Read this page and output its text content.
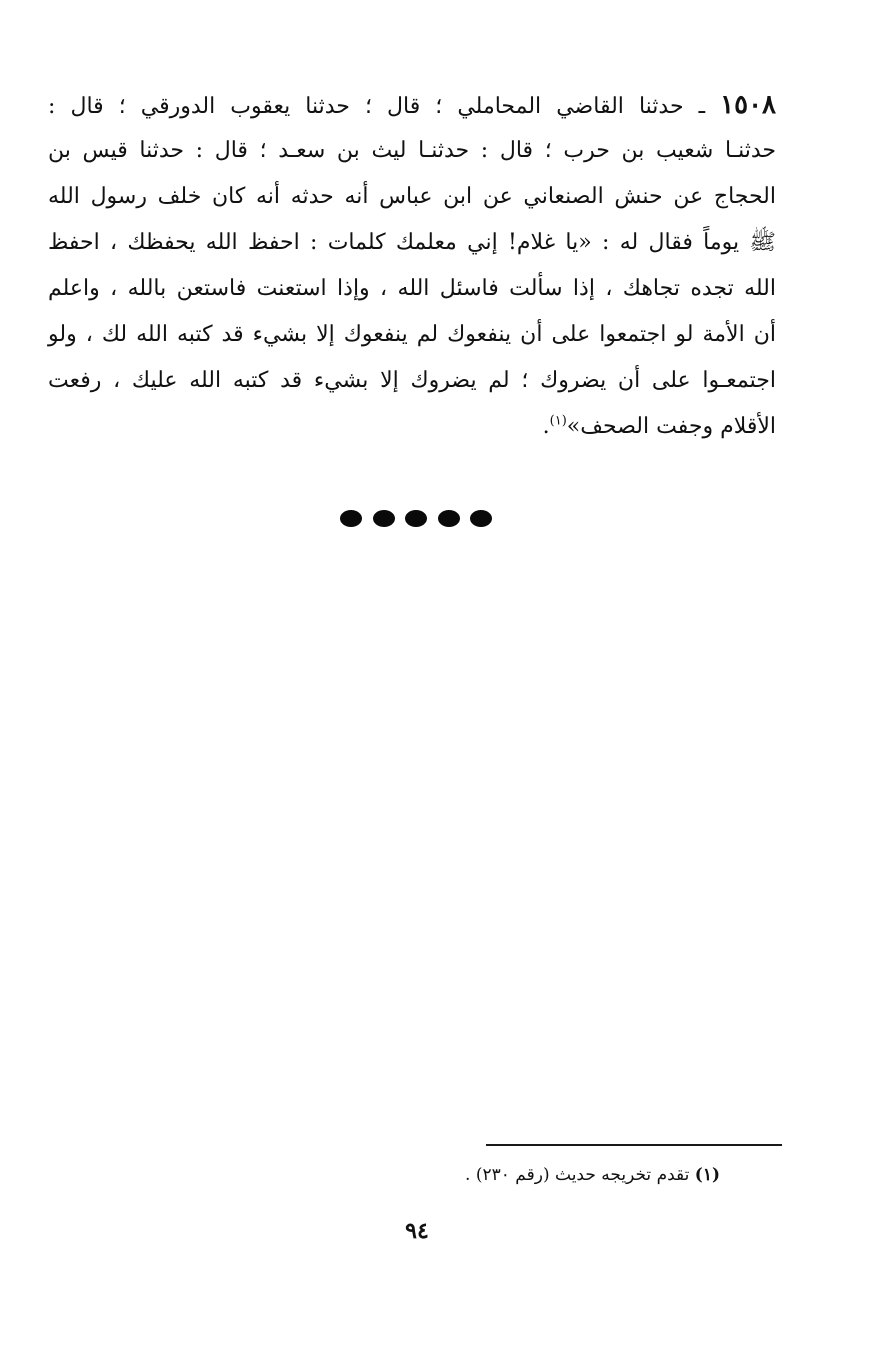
١٥٠٨ ـ حدثنا القاضي المحاملي ؛ قال ؛ حدثنا يعقوب الدورقي ؛ قال :
حدثنـا شعيب بن حرب ؛ قال : حدثنـا ليث بن سعـد ؛ قال : حدثنا قيس بن
الحجاج عن حنش الصنعاني عن ابن عباس أنه حدثه أنه كان خلف رسول الله
ﷺ يوماً فقال له : «يا غلام! إني معلمك كلمات : احفظ الله يحفظك ، احفظ
الله تجده تجاهك ، إذا سألت فاسئل الله ، وإذا استعنت فاستعن بالله ، واعلم
أن الأمة لو اجتمعوا على أن ينفعوك لم ينفعوك إلا بشيء قد كتبه الله لك ، ولو
اجتمعـوا على أن يضروك ؛ لم يضروك إلا بشيء قد كتبه الله عليك ، رفعت
الأقلام وجفت الصحف»$^{(١)}$.
(١) تقدم تخريجه حديث (رقم ٢٣٠) .
٩٤
